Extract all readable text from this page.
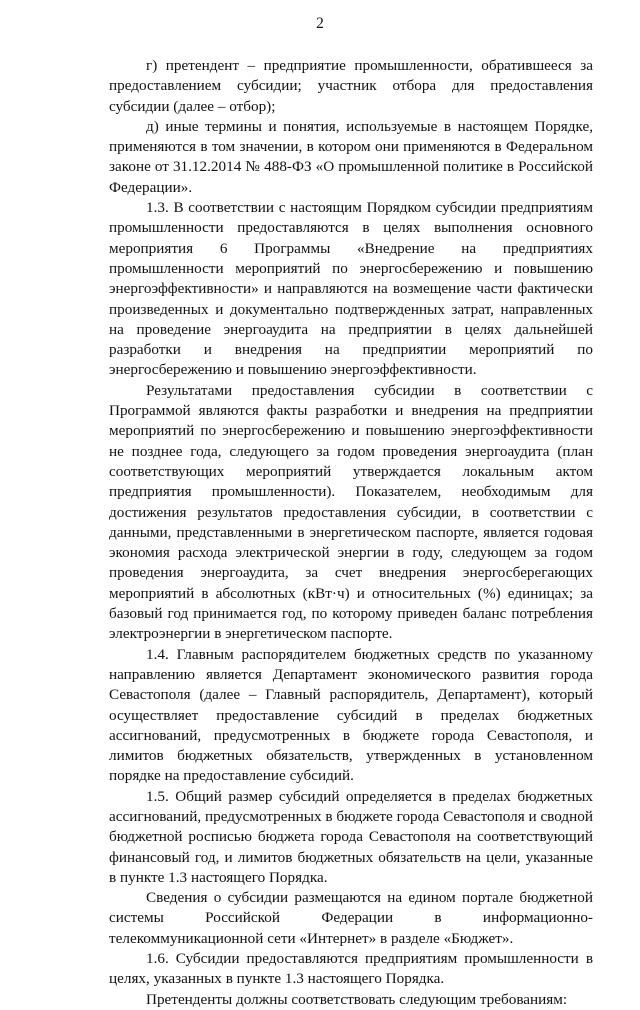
2

г) претендент – предприятие промышленности, обратившееся за предоставлением субсидии; участник отбора для предоставления субсидии (далее – отбор);

д) иные термины и понятия, используемые в настоящем Порядке, применяются в том значении, в котором они применяются в Федеральном законе от 31.12.2014 № 488-ФЗ «О промышленной политике в Российской Федерации».

1.3. В соответствии с настоящим Порядком субсидии предприятиям промышленности предоставляются в целях выполнения основного мероприятия 6 Программы «Внедрение на предприятиях промышленности мероприятий по энергосбережению и повышению энергоэффективности» и направляются на возмещение части фактически произведенных и документально подтвержденных затрат, направленных на проведение энергоаудита на предприятии в целях дальнейшей разработки и внедрения на предприятии мероприятий по энергосбережению и повышению энергоэффективности.

Результатами предоставления субсидии в соответствии с Программой являются факты разработки и внедрения на предприятии мероприятий по энергосбережению и повышению энергоэффективности не позднее года, следующего за годом проведения энергоаудита (план соответствующих мероприятий утверждается локальным актом предприятия промышленности). Показателем, необходимым для достижения результатов предоставления субсидии, в соответствии с данными, представленными в энергетическом паспорте, является годовая экономия расхода электрической энергии в году, следующем за годом проведения энергоаудита, за счет внедрения энергосберегающих мероприятий в абсолютных (кВт·ч) и относительных (%) единицах; за базовый год принимается год, по которому приведен баланс потребления электроэнергии в энергетическом паспорте.

1.4. Главным распорядителем бюджетных средств по указанному направлению является Департамент экономического развития города Севастополя (далее – Главный распорядитель, Департамент), который осуществляет предоставление субсидий в пределах бюджетных ассигнований, предусмотренных в бюджете города Севастополя, и лимитов бюджетных обязательств, утвержденных в установленном порядке на предоставление субсидий.

1.5. Общий размер субсидий определяется в пределах бюджетных ассигнований, предусмотренных в бюджете города Севастополя и сводной бюджетной росписью бюджета города Севастополя на соответствующий финансовый год, и лимитов бюджетных обязательств на цели, указанные в пункте 1.3 настоящего Порядка.

Сведения о субсидии размещаются на едином портале бюджетной системы Российской Федерации в информационно-телекоммуникационной сети «Интернет» в разделе «Бюджет».

1.6. Субсидии предоставляются предприятиям промышленности в целях, указанных в пункте 1.3 настоящего Порядка.

Претенденты должны соответствовать следующим требованиям:
